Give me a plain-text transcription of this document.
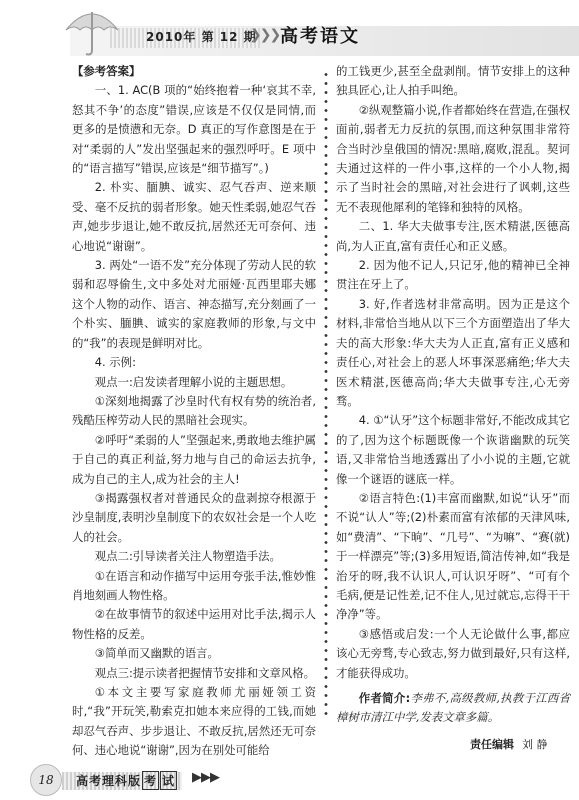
2010年 第 12 期
❯❯❯ 高考语文

【参考答案】

一、1. AC(B 项的“始终抱着一种‘哀其不幸,怒其不争’的态度”错误,应该是不仅仅是同情,而更多的是愤懑和无奈。D 真正的写作意图是在于对“柔弱的人”发出坚强起来的强烈呼吁。E 项中的“语言描写”错误,应该是“细节描写”。)

2. 朴实、腼腆、诚实、忍气吞声、逆来顺受、毫不反抗的弱者形象。她天性柔弱,她忍气吞声,她步步退让,她不敢反抗,居然还无可奈何、违心地说“谢谢”。

3. 两处“一语不发”充分体现了劳动人民的软弱和忍辱偷生,文中多处对尤丽娅·瓦西里耶夫娜这个人物的动作、语言、神态描写,充分刻画了一个朴实、腼腆、诚实的家庭教师的形象,与文中的“我”的表现是鲜明对比。

4. 示例:

观点一:启发读者理解小说的主题思想。

①深刻地揭露了沙皇时代有权有势的统治者,残酷压榨劳动人民的黑暗社会现实。

②呼吁“柔弱的人”坚强起来,勇敢地去维护属于自己的真正利益,努力地与自己的命运去抗争,成为自己的主人,成为社会的主人!

③揭露强权者对普通民众的盘剥掠夺根源于沙皇制度,表明沙皇制度下的农奴社会是一个人吃人的社会。

观点二:引导读者关注人物塑造手法。

①在语言和动作描写中运用夸张手法,惟妙惟肖地刻画人物性格。

②在故事情节的叙述中运用对比手法,揭示人物性格的反差。

③简单而又幽默的语言。

观点三:提示读者把握情节安排和文章风格。

①本文主要写家庭教师尤丽娅领工资时,“我”开玩笑,勒索克扣她本来应得的工钱,而她却忍气吞声、步步退让、不敢反抗,居然还无可奈何、违心地说“谢谢”,因为在别处可能给

的工钱更少,甚至全盘剥削。情节安排上的这种独具匠心,让人拍手叫绝。

②纵观整篇小说,作者都始终在营造,在强权面前,弱者无力反抗的氛围,而这种氛围非常符合当时沙皇俄国的情况:黑暗,腐败,混乱。契诃夫通过这样的一件小事,这样的一个小人物,揭示了当时社会的黑暗,对社会进行了讽刺,这些无不表现他犀利的笔锋和独特的风格。

二、1. 华大夫做事专注,医术精湛,医德高尚,为人正直,富有责任心和正义感。

2. 因为他不记人,只记牙,他的精神已全神贯注在牙上了。

3. 好,作者选材非常高明。因为正是这个材料,非常恰当地从以下三个方面塑造出了华大夫的高大形象:华大夫为人正直,富有正义感和责任心,对社会上的恶人坏事深恶痛绝;华大夫医术精湛,医德高尚;华大夫做事专注,心无旁骛。

4. ①“认牙”这个标题非常好,不能改成其它的了,因为这个标题既像一个诙谐幽默的玩笑语,又非常恰当地透露出了小小说的主题,它就像一个谜语的谜底一样。

②语言特色:(1)丰富而幽默,如说“认牙”而不说“认人”等;(2)朴素而富有浓郁的天津风味,如“费清”、“下晌”、“几号”、“为嘛”、“赛(就)于一样漂亮”等;(3)多用短语,简洁传神,如“我是治牙的呀,我不认识人,可认识牙呀”、“可有个毛病,便是记性差,记不住人,见过就忘,忘得干干净净”等。

③感悟或启发:一个人无论做什么事,都应该心无旁骛,专心致志,努力做到最好,只有这样,才能获得成功。

作者简介:李弗不,高级教师,执教于江西省樟树市清江中学,发表文章多篇。

责任编辑 刘 静
18	高考理科版 考 试 ▶▶▶
